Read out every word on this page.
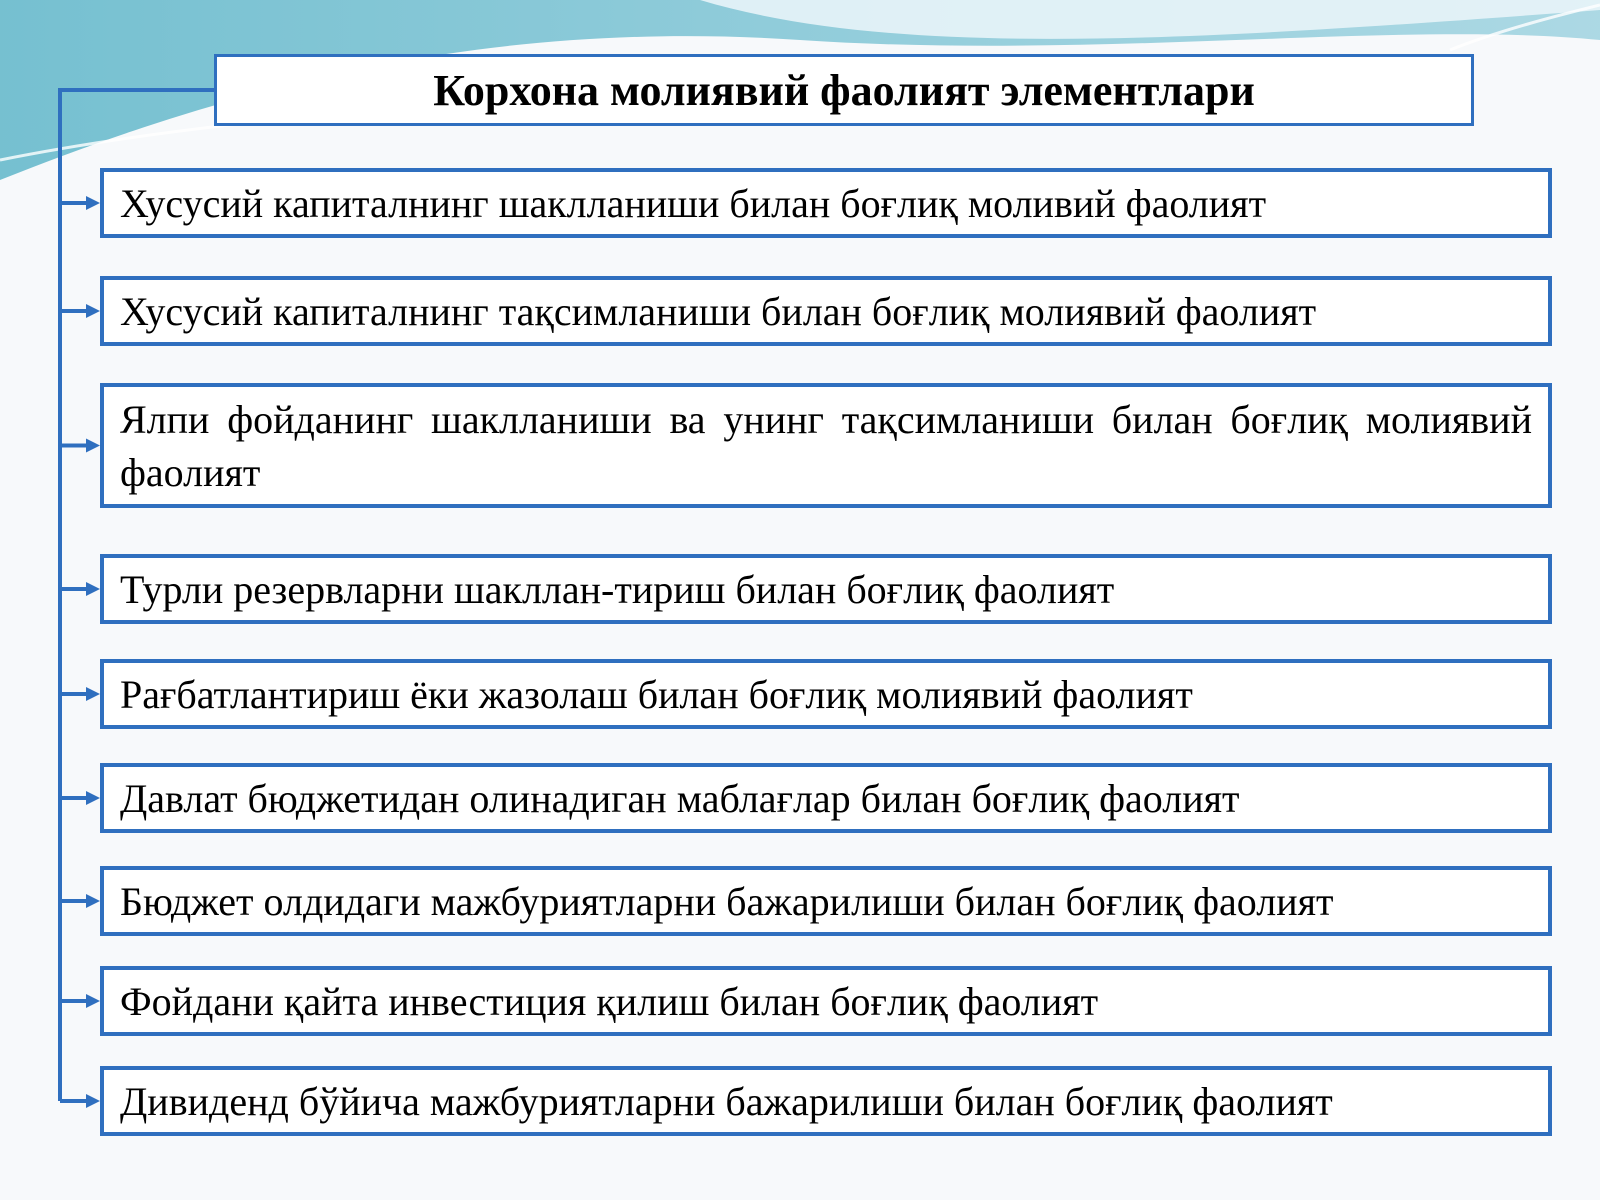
Корхона молиявий фаолият элементлари
Хусусий капиталнинг шаклланиши билан боғлиқ моливий фаолият
Хусусий капиталнинг тақсимланиши билан боғлиқ молиявий фаолият
Ялпи фойданинг шаклланиши ва унинг тақсимланиши билан боғлиқ молиявий фаолият
Турли резервларни шакллан-тириш билан боғлиқ фаолият
Рағбатлантириш ёки жазолаш билан боғлиқ молиявий фаолият
Давлат бюджетидан олинадиган маблағлар билан боғлиқ фаолият
Бюджет олдидаги мажбуриятларни бажарилиши билан боғлиқ фаолият
Фойдани қайта инвестиция қилиш билан боғлиқ фаолият
Дивиденд бўйича мажбуриятларни бажарилиши билан боғлиқ фаолият
